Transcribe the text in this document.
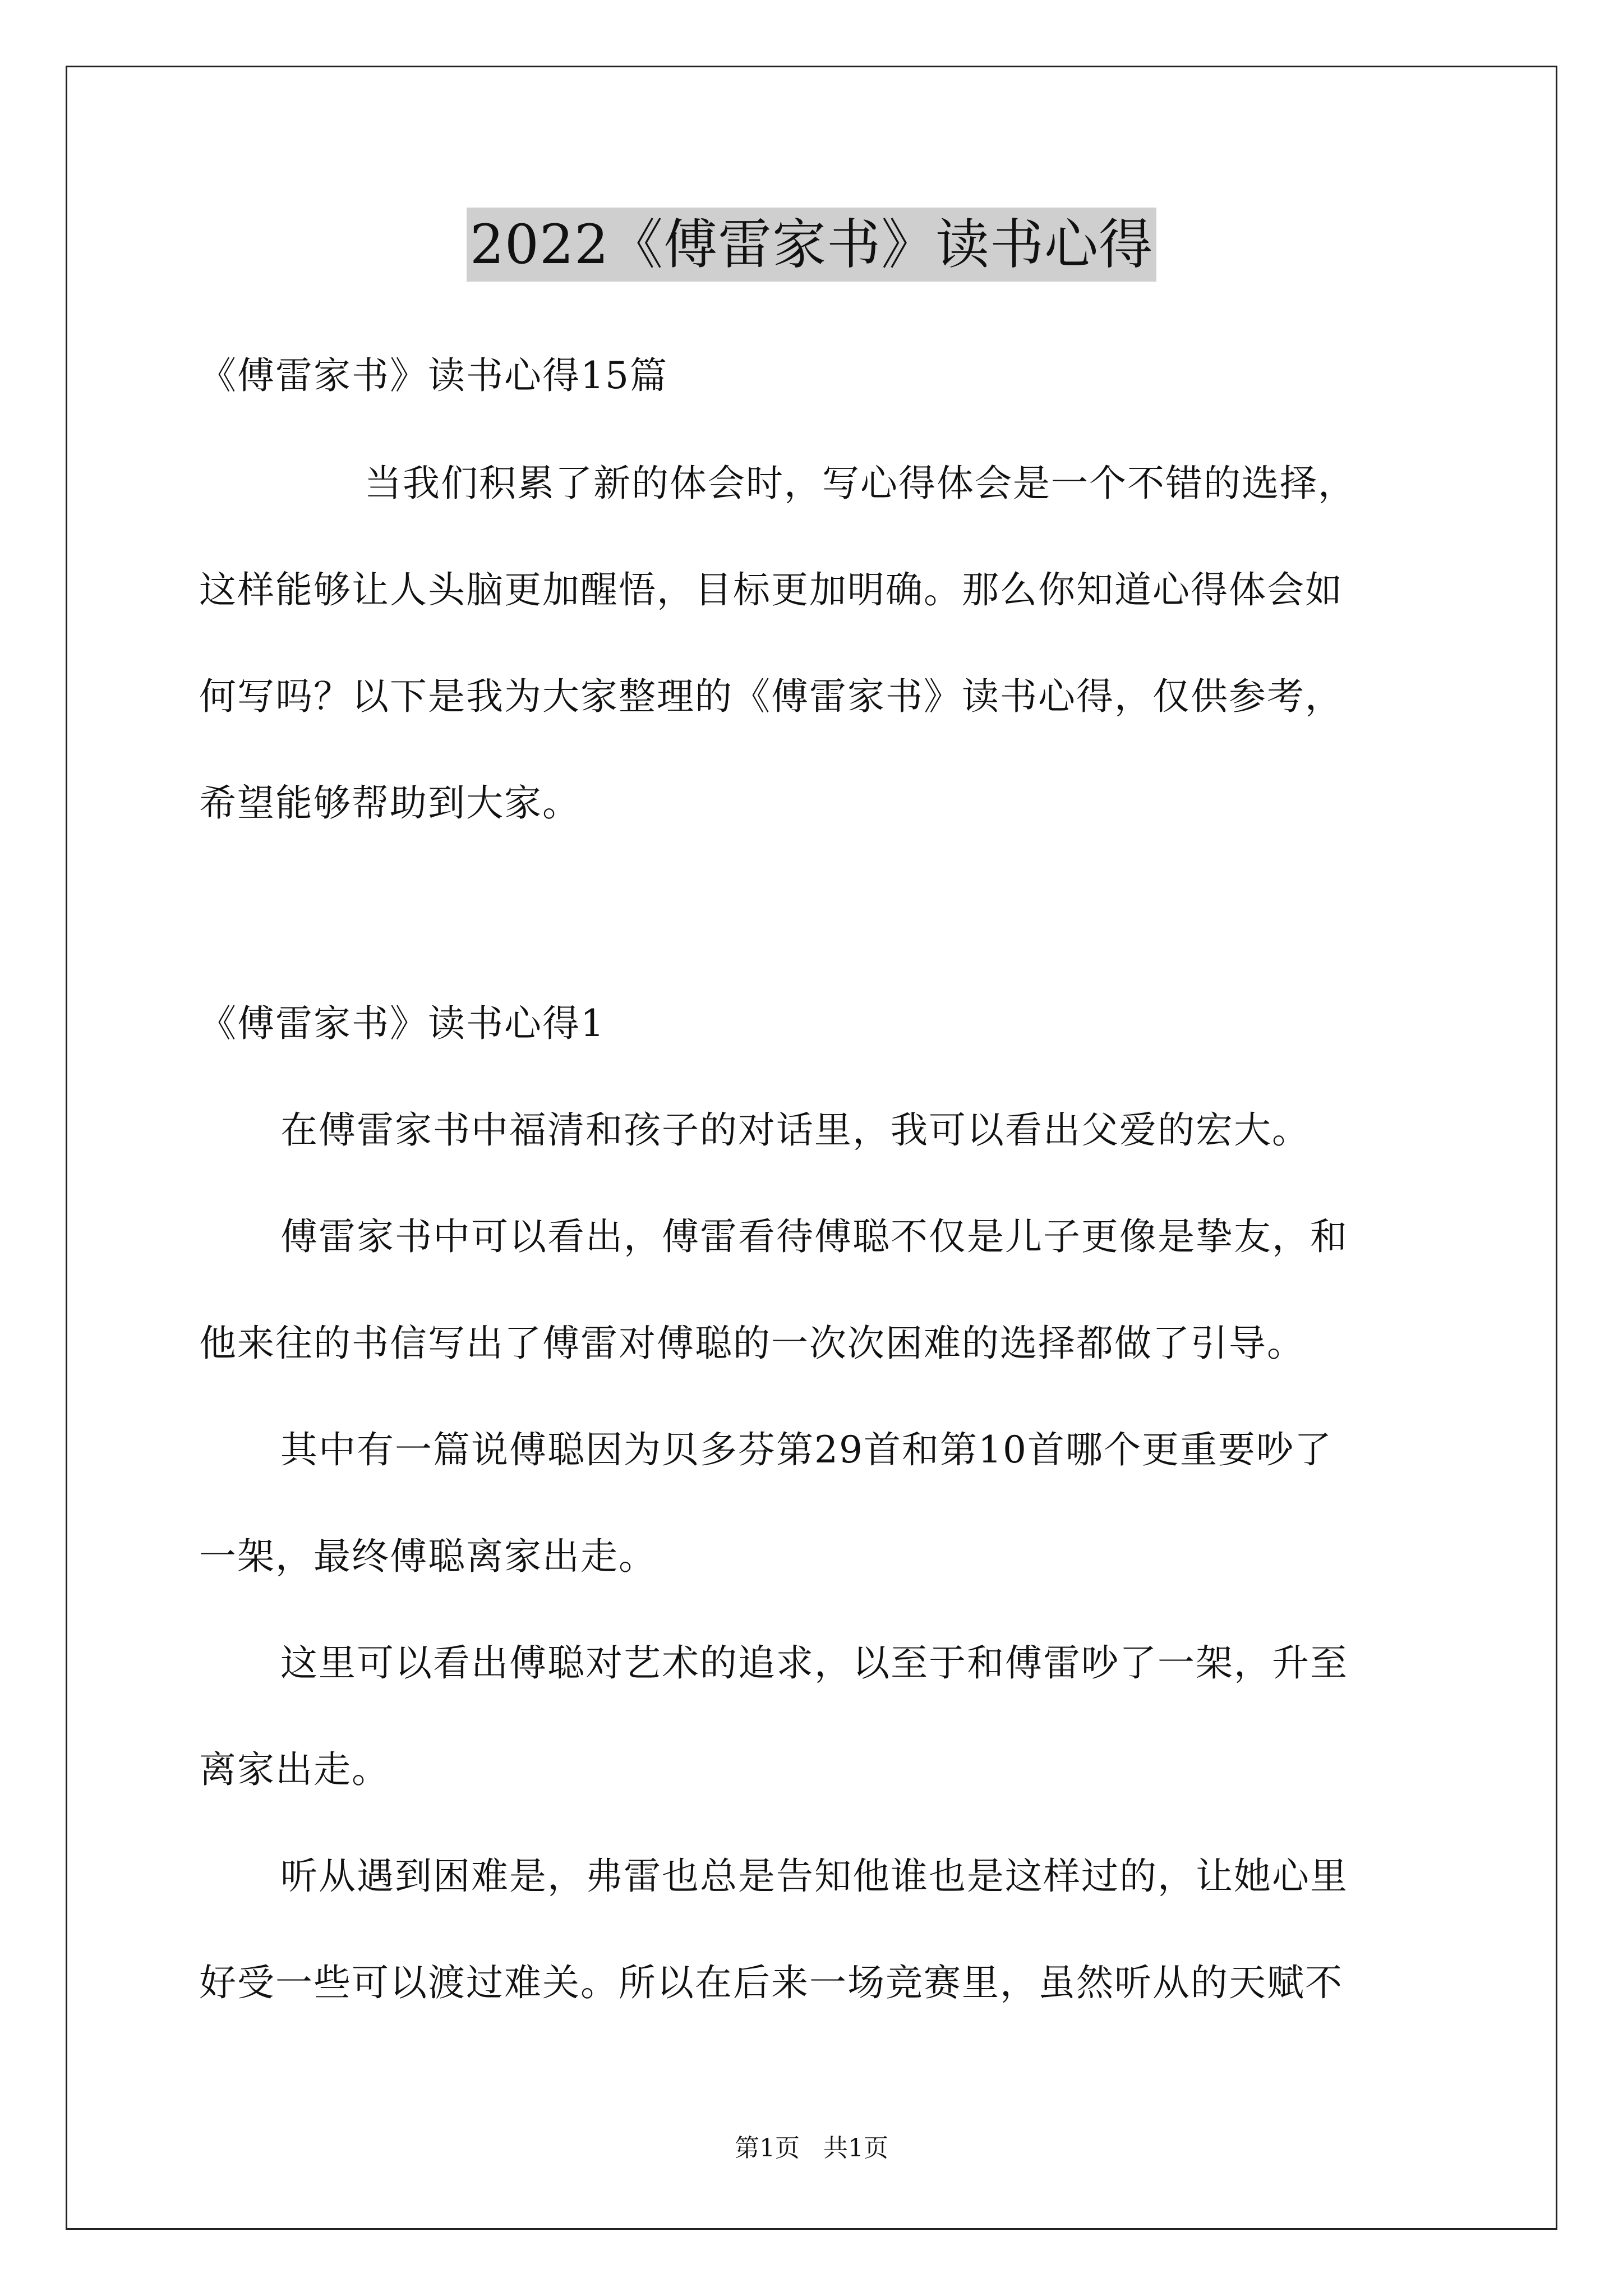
2022《傅雷家书》读书心得
《傅雷家书》读书心得15篇
当我们积累了新的体会时，写心得体会是一个不错的选择，
这样能够让人头脑更加醒悟，目标更加明确。那么你知道心得体会如
何写吗？以下是我为大家整理的《傅雷家书》读书心得，仅供参考，
希望能够帮助到大家。
《傅雷家书》读书心得1
在傅雷家书中福清和孩子的对话里，我可以看出父爱的宏大。
傅雷家书中可以看出，傅雷看待傅聪不仅是儿子更像是挚友，和
他来往的书信写出了傅雷对傅聪的一次次困难的选择都做了引导。
其中有一篇说傅聪因为贝多芬第29首和第10首哪个更重要吵了
一架，最终傅聪离家出走。
这里可以看出傅聪对艺术的追求，以至于和傅雷吵了一架，升至
离家出走。
听从遇到困难是，弗雷也总是告知他谁也是这样过的，让她心里
好受一些可以渡过难关。所以在后来一场竞赛里，虽然听从的天赋不
第1页   共1页
